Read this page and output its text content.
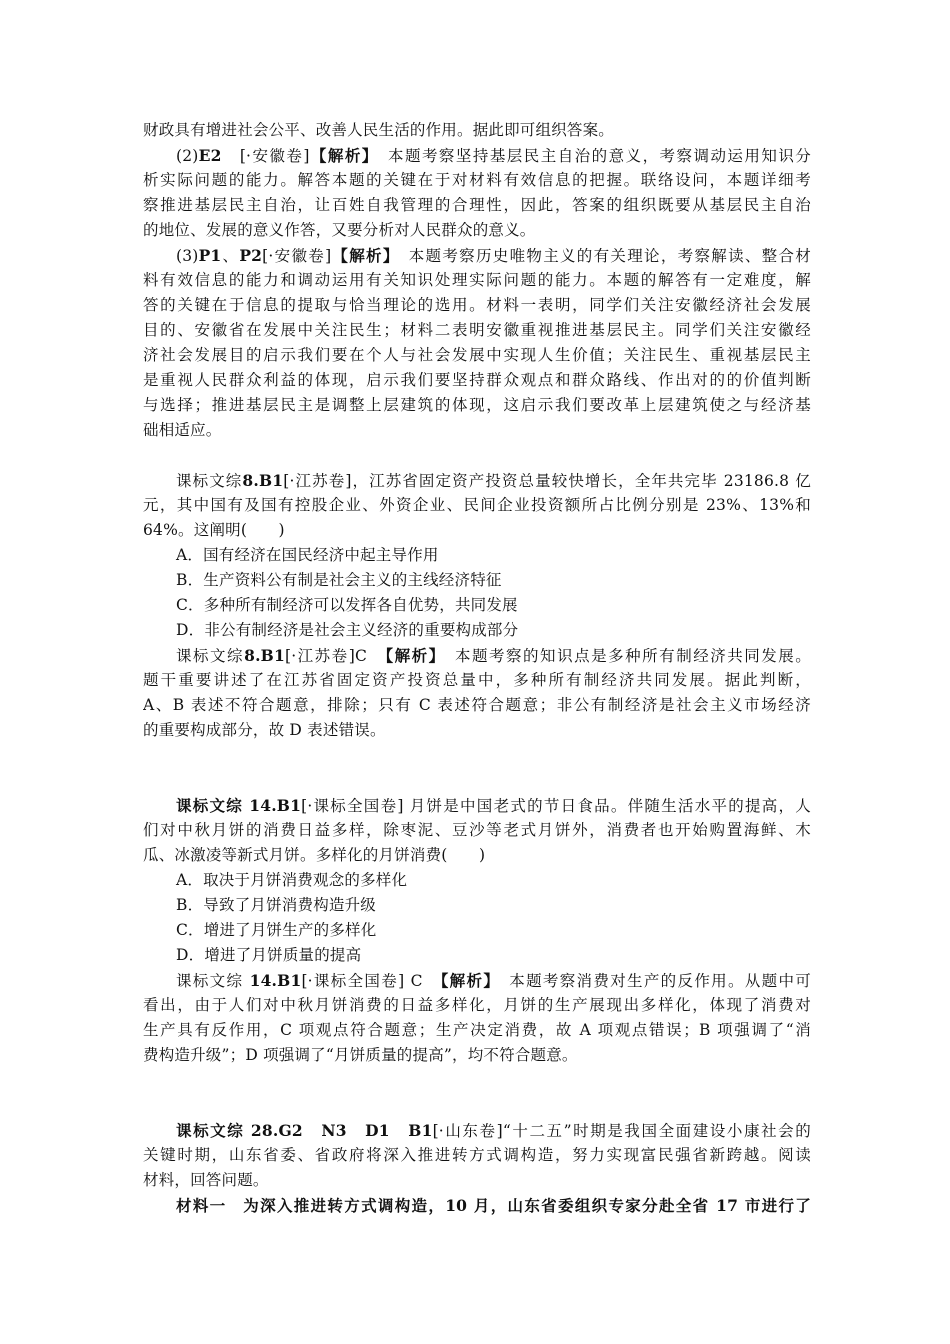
财政具有增进社会公平、改善人民生活的作用。据此即可组织答案。
(2)E2　 [·安徽卷]【解析】　 本题考察坚持基层民主自治的意义，考察调动运用知识分
析实际问题的能力。解答本题的关键在于对材料有效信息的把握。联络设问，本题详细考
察推进基层民主自治，让百姓自我管理的合理性，因此，答案的组织既要从基层民主自治
的地位、发展的意义作答，又要分析对人民群众的意义。
(3)P1、P2[·安徽卷]【解析】　 本题考察历史唯物主义的有关理论，考察解读、整合材
料有效信息的能力和调动运用有关知识处理实际问题的能力。本题的解答有一定难度，解
答的关键在于信息的提取与恰当理论的选用。材料一表明，同学们关注安徽经济社会发展
目的、安徽省在发展中关注民生；材料二表明安徽重视推进基层民主。同学们关注安徽经
济社会发展目的启示我们要在个人与社会发展中实现人生价值；关注民生、重视基层民主
是重视人民群众利益的体现，启示我们要坚持群众观点和群众路线、作出对的的价值判断
与选择；推进基层民主是调整上层建筑的体现，这启示我们要改革上层建筑使之与经济基
础相适应。
课标文综8.B1[·江苏卷]，江苏省固定资产投资总量较快增长，全年共完毕 23186.8 亿
元，其中国有及国有控股企业、外资企业、民间企业投资额所占比例分别是 23%、13%和
64%。这阐明(　　)
A．国有经济在国民经济中起主导作用
B．生产资料公有制是社会主义的主线经济特征
C．多种所有制经济可以发挥各自优势，共同发展
D．非公有制经济是社会主义经济的重要构成部分
课标文综8.B1[·江苏卷]C　 【解析】　 本题考察的知识点是多种所有制经济共同发展。
题干重要讲述了在江苏省固定资产投资总量中，多种所有制经济共同发展。据此判断，
A、B 表述不符合题意，排除；只有 C 表述符合题意；非公有制经济是社会主义市场经济
的重要构成部分，故 D 表述错误。
课标文综 14.B1[·课标全国卷] 月饼是中国老式的节日食品。伴随生活水平的提高，人
们对中秋月饼的消费日益多样，除枣泥、豆沙等老式月饼外，消费者也开始购置海鲜、木
瓜、冰激凌等新式月饼。多样化的月饼消费(　　)
A．取决于月饼消费观念的多样化
B．导致了月饼消费构造升级
C．增进了月饼生产的多样化
D．增进了月饼质量的提高
课标文综 14.B1[·课标全国卷] C　 【解析】　 本题考察消费对生产的反作用。从题中可
看出，由于人们对中秋月饼消费的日益多样化，月饼的生产展现出多样化，体现了消费对
生产具有反作用，C 项观点符合题意；生产决定消费，故 A 项观点错误；B 项强调了“消
费构造升级”；D 项强调了“月饼质量的提高”，均不符合题意。
课标文综 28.G2　N3　D1　B1[·山东卷]“十二五”时期是我国全面建设小康社会的
关键时期，山东省委、省政府将深入推进转方式调构造，努力实现富民强省新跨越。阅读
材料，回答问题。
材料一　为深入推进转方式调构造，10 月，山东省委组织专家分赴全省 17 市进行了
